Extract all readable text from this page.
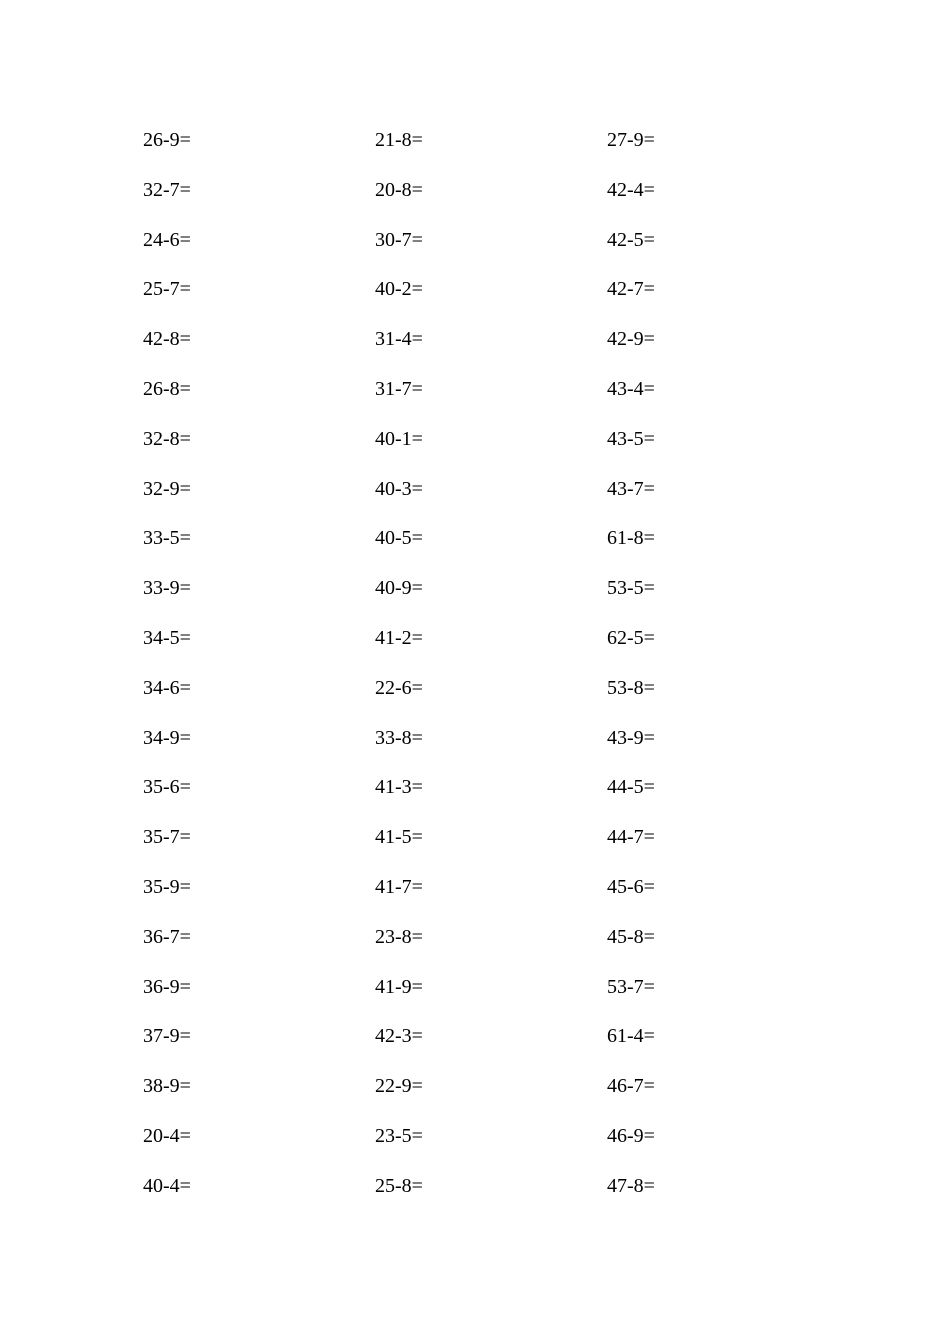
26-9=	21-8=	27-9=
32-7=	20-8=	42-4=
24-6=	30-7=	42-5=
25-7=	40-2=	42-7=
42-8=	31-4=	42-9=
26-8=	31-7=	43-4=
32-8=	40-1=	43-5=
32-9=	40-3=	43-7=
33-5=	40-5=	61-8=
33-9=	40-9=	53-5=
34-5=	41-2=	62-5=
34-6=	22-6=	53-8=
34-9=	33-8=	43-9=
35-6=	41-3=	44-5=
35-7=	41-5=	44-7=
35-9=	41-7=	45-6=
36-7=	23-8=	45-8=
36-9=	41-9=	53-7=
37-9=	42-3=	61-4=
38-9=	22-9=	46-7=
20-4=	23-5=	46-9=
40-4=	25-8=	47-8=
